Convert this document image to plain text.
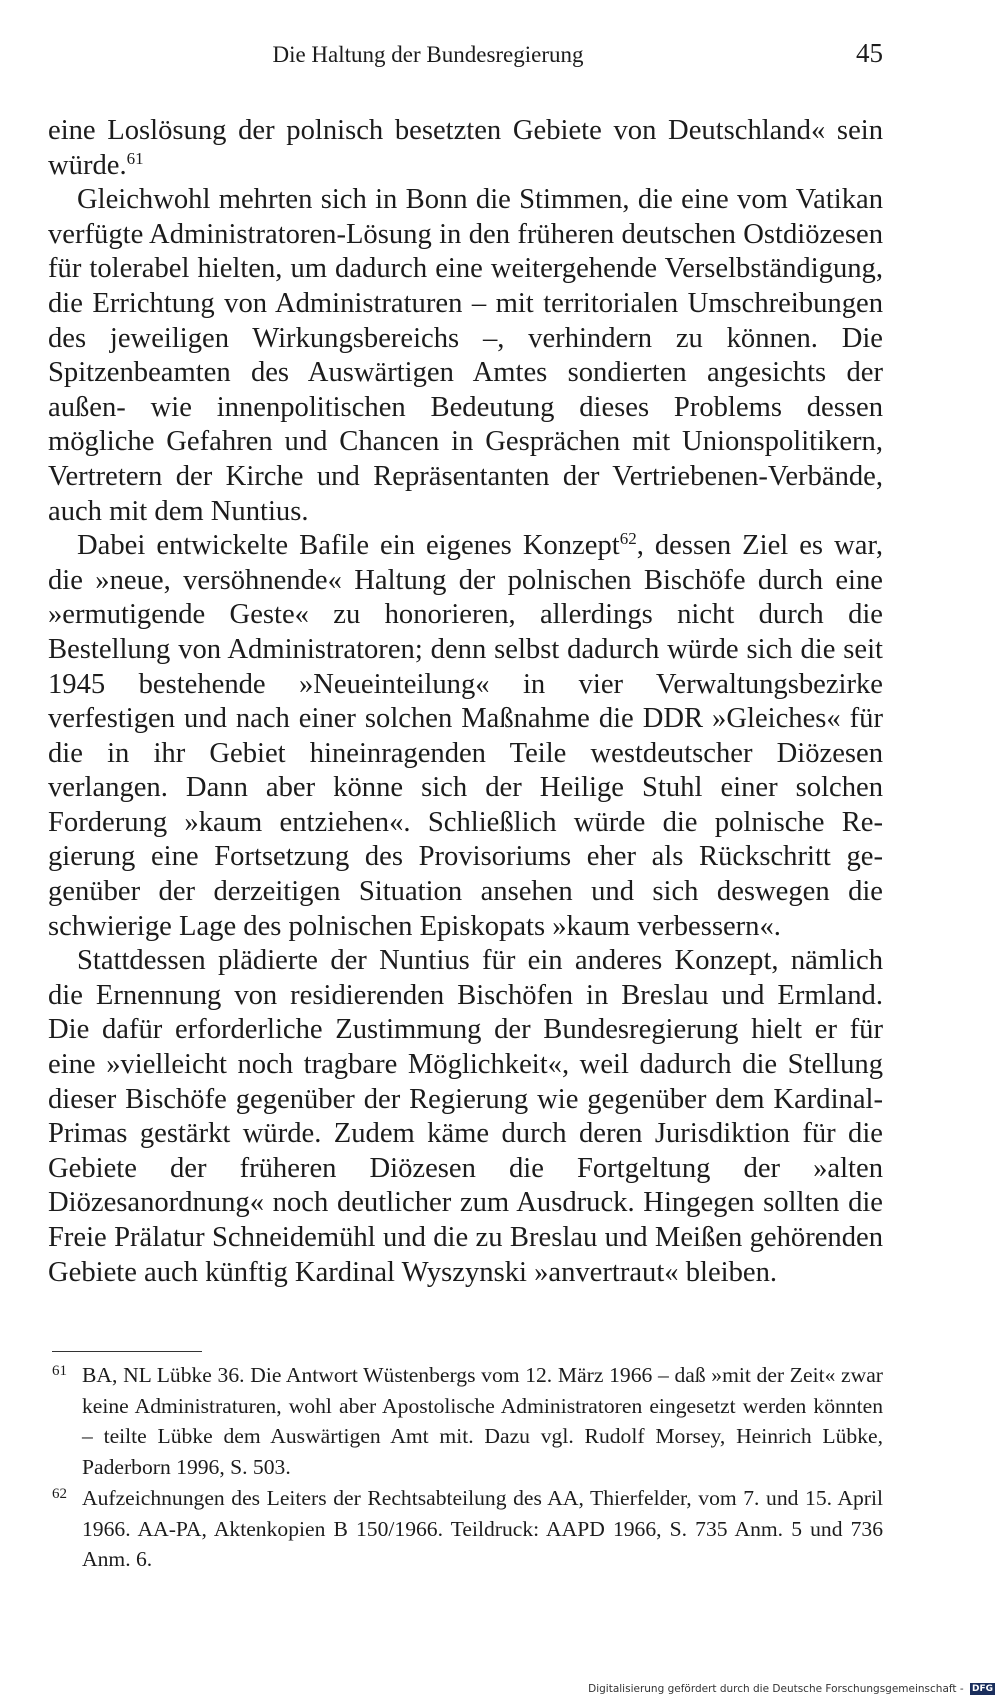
Die Haltung der Bundesregierung	45

eine Loslösung der polnisch besetzten Gebiete von Deutschland« sein würde.$^{61}$

Gleichwohl mehrten sich in Bonn die Stimmen, die eine vom Vatikan verfügte Administratoren-Lösung in den früheren deutschen Ostdiözesen für tolerabel hielten, um dadurch eine weitergehende Verselbständigung, die Errichtung von Administraturen – mit territorialen Umschreibungen des jeweiligen Wirkungsbereichs –, verhindern zu können. Die Spitzenbeamten des Auswärtigen Amtes sondierten angesichts der außen- wie innenpolitischen Bedeutung dieses Problems dessen mögliche Gefahren und Chancen in Gesprächen mit Unionspolitikern, Vertretern der Kirche und Repräsentanten der Vertriebenen-Verbände, auch mit dem Nuntius.

Dabei entwickelte Bafile ein eigenes Konzept$^{62}$, dessen Ziel es war, die »neue, versöhnende« Haltung der polnischen Bischöfe durch eine »ermutigende Geste« zu honorieren, allerdings nicht durch die Bestellung von Administratoren; denn selbst dadurch würde sich die seit 1945 bestehende »Neueinteilung« in vier Verwaltungsbezirke verfestigen und nach einer solchen Maßnahme die DDR »Gleiches« für die in ihr Gebiet hineinragenden Teile westdeutscher Diözesen verlangen. Dann aber könne sich der Heilige Stuhl einer solchen Forderung »kaum entziehen«. Schließlich würde die polnische Regierung eine Fortsetzung des Provisoriums eher als Rückschritt gegenüber der derzeitigen Situation ansehen und sich deswegen die schwierige Lage des polnischen Episkopats »kaum verbessern«.

Stattdessen plädierte der Nuntius für ein anderes Konzept, nämlich die Ernennung von residierenden Bischöfen in Breslau und Ermland. Die dafür erforderliche Zustimmung der Bundesregierung hielt er für eine »vielleicht noch tragbare Möglichkeit«, weil dadurch die Stellung dieser Bischöfe gegenüber der Regierung wie gegenüber dem Kardinal-Primas gestärkt würde. Zudem käme durch deren Jurisdiktion für die Gebiete der früheren Diözesen die Fortgeltung der »alten Diözesanordnung« noch deutlicher zum Ausdruck. Hingegen sollten die Freie Prälatur Schneidemühl und die zu Breslau und Meißen gehörenden Gebiete auch künftig Kardinal Wyszynski »anvertraut« bleiben.

61 BA, NL Lübke 36. Die Antwort Wüstenbergs vom 12. März 1966 – daß »mit der Zeit« zwar keine Administraturen, wohl aber Apostolische Administratoren eingesetzt werden könnten – teilte Lübke dem Auswärtigen Amt mit. Dazu vgl. Rudolf Morsey, Heinrich Lübke, Paderborn 1996, S. 503.
62 Aufzeichnungen des Leiters der Rechtsabteilung des AA, Thierfelder, vom 7. und 15. April 1966. AA-PA, Aktenkopien B 150/1966. Teildruck: AAPD 1966, S. 735 Anm. 5 und 736 Anm. 6.
Digitalisierung gefördert durch die Deutsche Forschungsgemeinschaft - DFG
